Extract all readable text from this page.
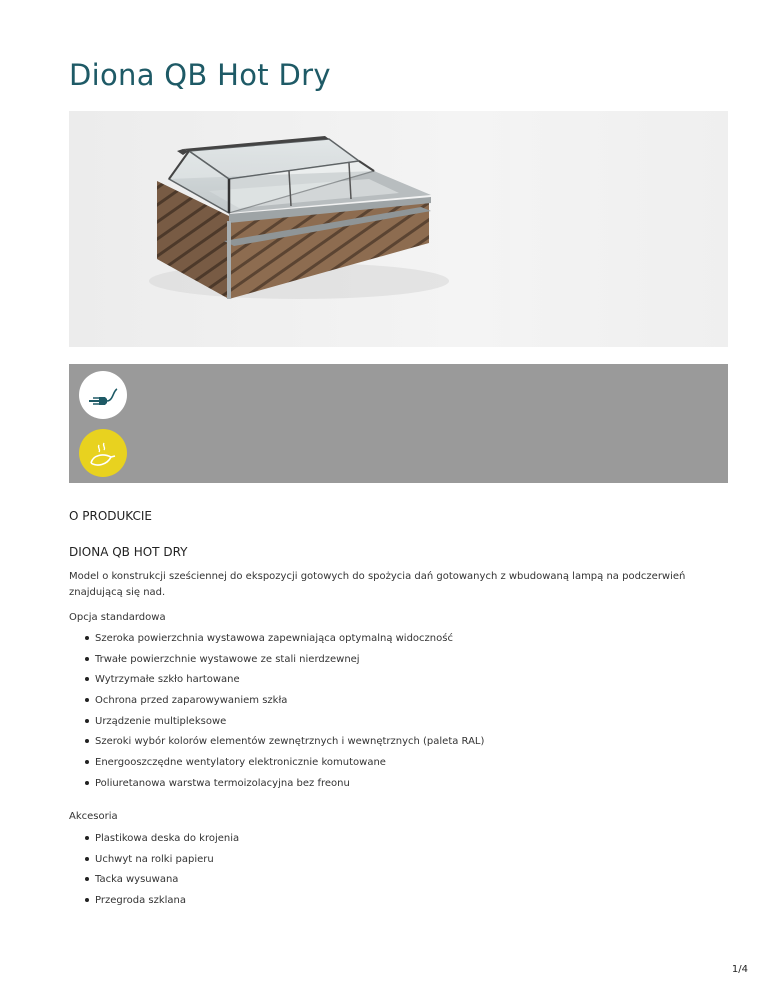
Diona QB Hot Dry
O PRODUKCIE
DIONA QB HOT DRY
Model o konstrukcji sześciennej do ekspozycji gotowych do spożycia dań gotowanych z wbudowaną lampą na podczerwień znajdującą się nad.
Opcja standardowa
Szeroka powierzchnia wystawowa zapewniająca optymalną widoczność
Trwałe powierzchnie wystawowe ze stali nierdzewnej
Wytrzymałe szkło hartowane
Ochrona przed zaparowywaniem szkła
Urządzenie multipleksowe
Szeroki wybór kolorów elementów zewnętrznych i wewnętrznych (paleta RAL)
Energooszczędne wentylatory elektronicznie komutowane
Poliuretanowa warstwa termoizolacyjna bez freonu
Akcesoria
Plastikowa deska do krojenia
Uchwyt na rolki papieru
Tacka wysuwana
Przegroda szklana
1/4
